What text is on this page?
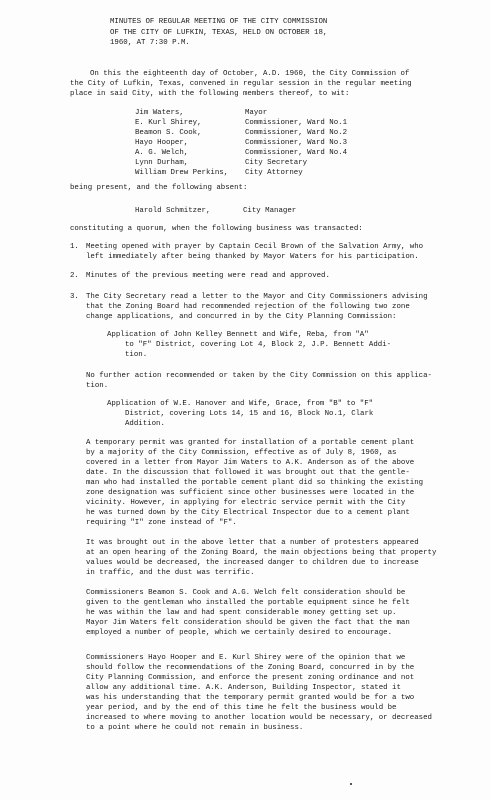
MINUTES OF REGULAR MEETING OF THE CITY COMMISSION
OF THE CITY OF LUFKIN, TEXAS, HELD ON OCTOBER 18,
1960, AT 7:30 P.M.
On this the eighteenth day of October, A.D. 1960, the City Commission of
the City of Lufkin, Texas, convened in regular session in the regular meeting
place in said City, with the following members thereof, to wit:
Jim Waters,	Mayor
E. Kurl Shirey,	Commissioner, Ward No.1
Beamon S. Cook,	Commissioner, Ward No.2
Hayo Hooper,	Commissioner, Ward No.3
A. G. Welch,	Commissioner, Ward No.4
Lynn Durham,	City Secretary
William Drew Perkins, City Attorney
being present, and the following absent:
Harold Schmitzer,	City Manager
constituting a quorum, when the following business was transacted:
1. Meeting opened with prayer by Captain Cecil Brown of the Salvation Army, who
left immediately after being thanked by Mayor Waters for his participation.
2. Minutes of the previous meeting were read and approved.
3. The City Secretary read a letter to the Mayor and City Commissioners advising
that the Zoning Board had recommended rejection of the following two zone
change applications, and concurred in by the City Planning Commission:
Application of John Kelley Bennett and Wife, Reba, from "A"
to "F" District, covering Lot 4, Block 2, J.P. Bennett Addi-
tion.
No further action recommended or taken by the City Commission on this applica-
tion.
Application of W.E. Hanover and Wife, Grace, from "B" to "F"
District, covering Lots 14, 15 and 16, Block No.1, Clark
Addition.
A temporary permit was granted for installation of a portable cement plant
by a majority of the City Commission, effective as of July 8, 1960, as
covered in a letter from Mayor Jim Waters to A.K. Anderson as of the above
date. In the discussion that followed it was brought out that the gentle-
man who had installed the portable cement plant did so thinking the existing
zone designation was sufficient since other businesses were located in the
vicinity. However, in applying for electric service permit with the City
he was turned down by the City Electrical Inspector due to a cement plant
requiring "I" zone instead of "F".
It was brought out in the above letter that a number of protesters appeared
at an open hearing of the Zoning Board, the main objections being that property
values would be decreased, the increased danger to children due to increase
in traffic, and the dust was terrific.
Commissioners Beamon S. Cook and A.G. Welch felt consideration should be
given to the gentleman who installed the portable equipment since he felt
he was within the law and had spent considerable money getting set up.
Mayor Jim Waters felt consideration should be given the fact that the man
employed a number of people, which we certainly desired to encourage.
Commissioners Hayo Hooper and E. Kurl Shirey were of the opinion that we
should follow the recommendations of the Zoning Board, concurred in by the
City Planning Commission, and enforce the present zoning ordinance and not
allow any additional time. A.K. Anderson, Building Inspector, stated it
was his understanding that the temporary permit granted would be for a two
year period, and by the end of this time he felt the business would be
increased to where moving to another location would be necessary, or decreased
to a point where he could not remain in business.
